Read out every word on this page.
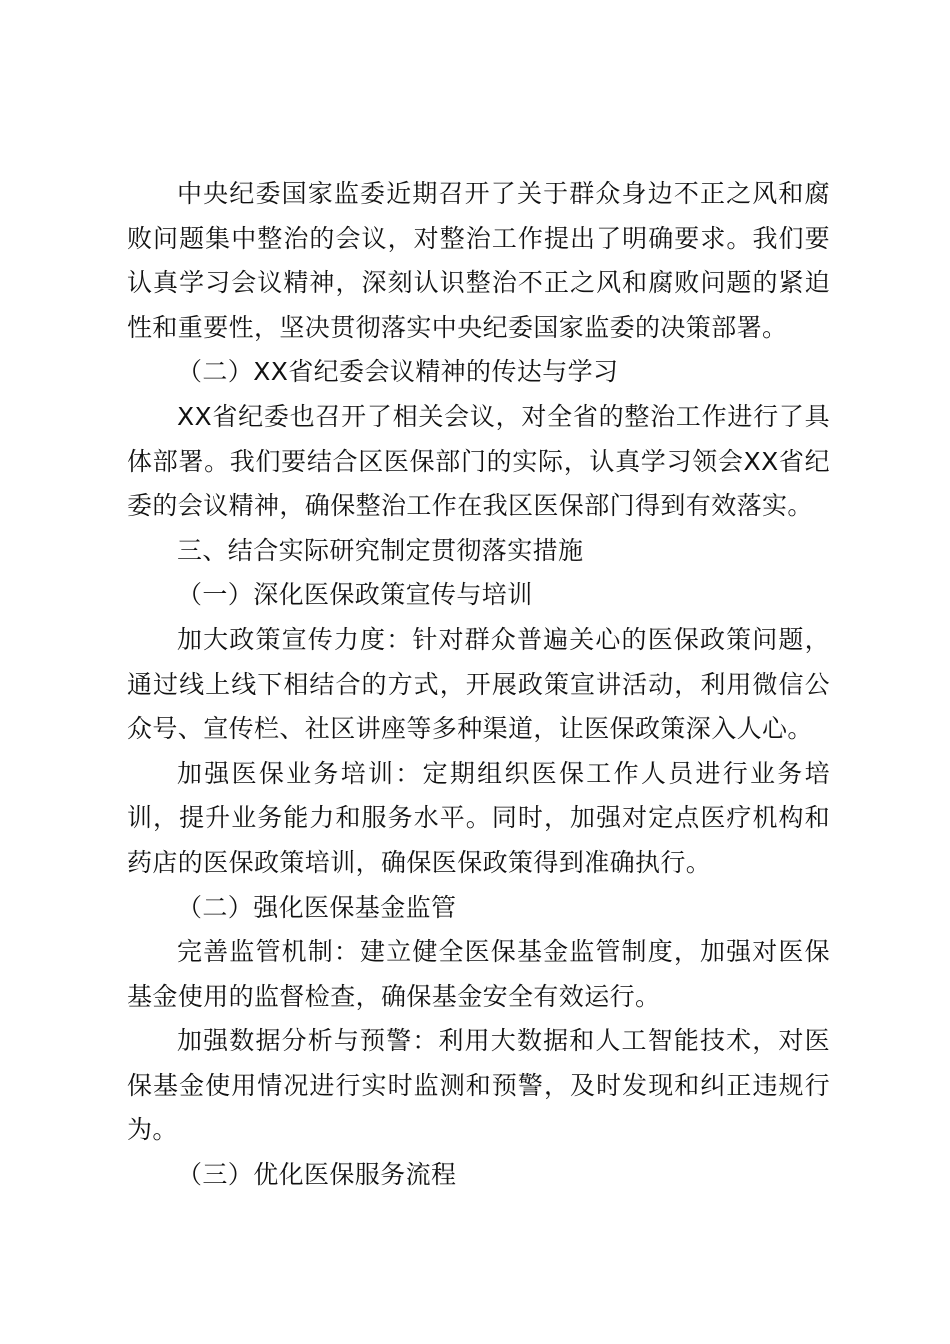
中央纪委国家监委近期召开了关于群众身边不正之风和腐败问题集中整治的会议，对整治工作提出了明确要求。我们要认真学习会议精神，深刻认识整治不正之风和腐败问题的紧迫性和重要性，坚决贯彻落实中央纪委国家监委的决策部署。

（二）XX省纪委会议精神的传达与学习

XX省纪委也召开了相关会议，对全省的整治工作进行了具体部署。我们要结合区医保部门的实际，认真学习领会XX省纪委的会议精神，确保整治工作在我区医保部门得到有效落实。

三、结合实际研究制定贯彻落实措施

（一）深化医保政策宣传与培训

加大政策宣传力度：针对群众普遍关心的医保政策问题，通过线上线下相结合的方式，开展政策宣讲活动，利用微信公众号、宣传栏、社区讲座等多种渠道，让医保政策深入人心。

加强医保业务培训：定期组织医保工作人员进行业务培训，提升业务能力和服务水平。同时，加强对定点医疗机构和药店的医保政策培训，确保医保政策得到准确执行。

（二）强化医保基金监管

完善监管机制：建立健全医保基金监管制度，加强对医保基金使用的监督检查，确保基金安全有效运行。

加强数据分析与预警：利用大数据和人工智能技术，对医保基金使用情况进行实时监测和预警，及时发现和纠正违规行为。

（三）优化医保服务流程
